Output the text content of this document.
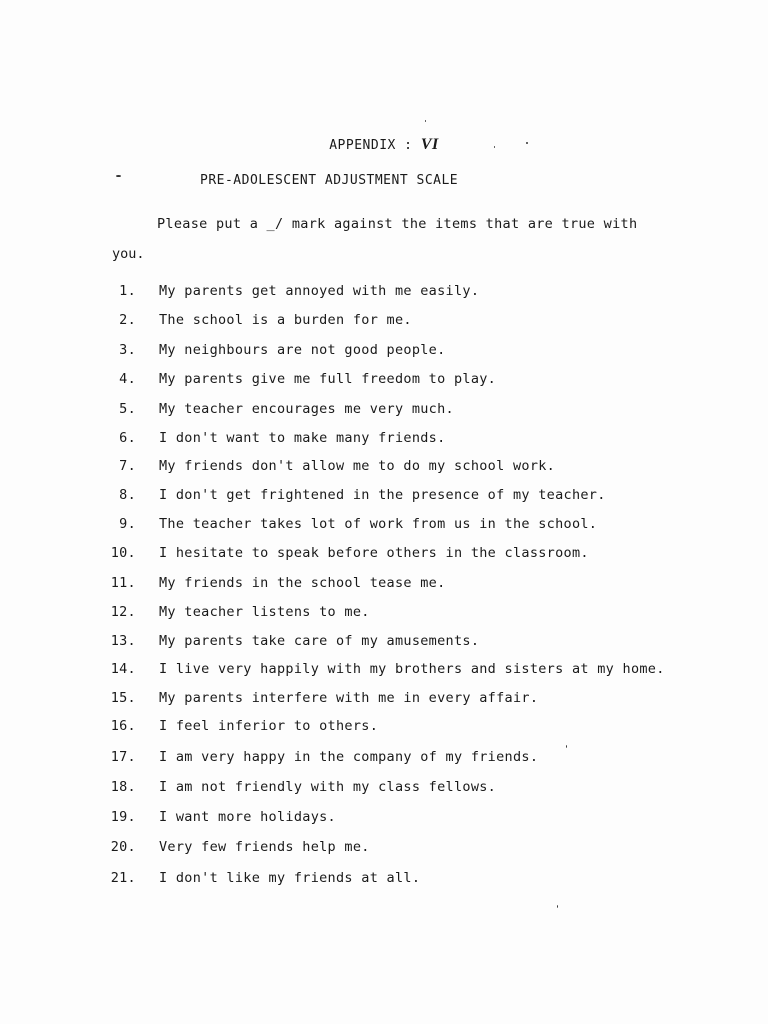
APPENDIX : VI
PRE-ADOLESCENT ADJUSTMENT SCALE
Please put a _/ mark against the items that are true with
you.
1. My parents get annoyed with me easily.
2. The school is a burden for me.
3. My neighbours are not good people.
4. My parents give me full freedom to play.
5. My teacher encourages me very much.
6. I don't want to make many friends.
7. My friends don't allow me to do my school work.
8. I don't get frightened in the presence of my teacher.
9. The teacher takes lot of work from us in the school.
10. I hesitate to speak before others in the classroom.
11. My friends in the school tease me.
12. My teacher listens to me.
13. My parents take care of my amusements.
14. I live very happily with my brothers and sisters at my home.
15. My parents interfere with me in every affair.
16. I feel inferior to others.
17. I am very happy in the company of my friends.
18. I am not friendly with my class fellows.
19. I want more holidays.
20. Very few friends help me.
21. I don't like my friends at all.
